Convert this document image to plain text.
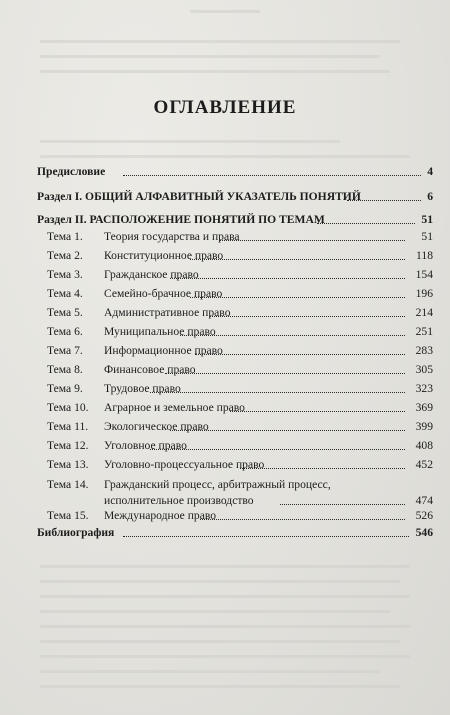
ОГЛАВЛЕНИЕ
Предисловие	4
Раздел I. ОБЩИЙ АЛФАВИТНЫЙ УКАЗАТЕЛЬ ПОНЯТИЙ	6
Раздел II. РАСПОЛОЖЕНИЕ ПОНЯТИЙ ПО ТЕМАМ	51
Тема 1. Теория государства и права	51
Тема 2. Конституционное право	118
Тема 3. Гражданское право	154
Тема 4. Семейно-брачное право	196
Тема 5. Административное право	214
Тема 6. Муниципальное право	251
Тема 7. Информационное право	283
Тема 8. Финансовое право	305
Тема 9. Трудовое право	323
Тема 10. Аграрное и земельное право	369
Тема 11. Экологическое право	399
Тема 12. Уголовное право	408
Тема 13. Уголовно-процессуальное право	452
Тема 14. Гражданский процесс, арбитражный процесс,
исполнительное производство	474
Тема 15. Международное право	526
Библиография	546
